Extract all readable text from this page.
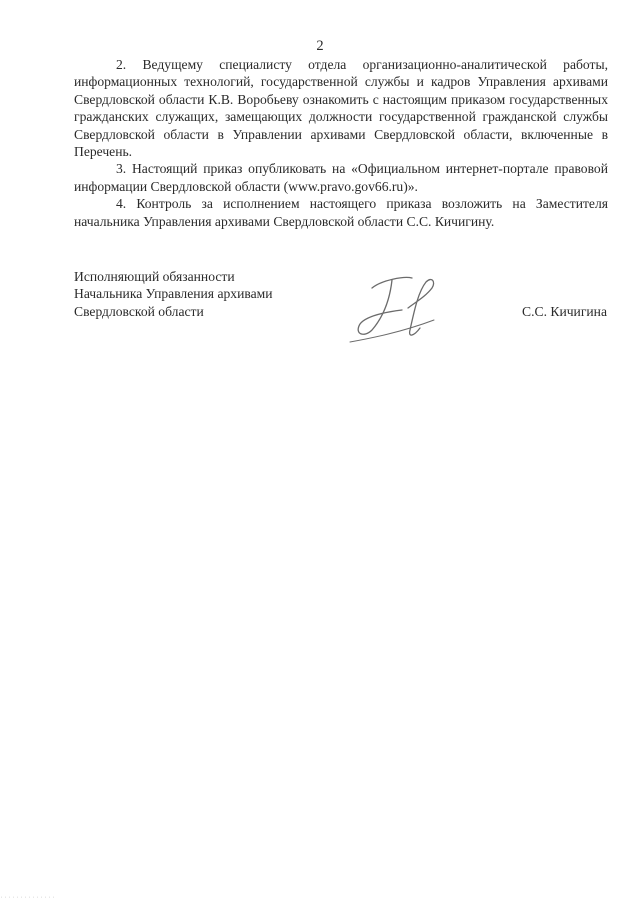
2

2. Ведущему специалисту отдела организационно-аналитической работы, информационных технологий, государственной службы и кадров Управления архивами Свердловской области К.В. Воробьеву ознакомить с настоящим приказом государственных гражданских служащих, замещающих должности государственной гражданской службы Свердловской области в Управлении архивами Свердловской области, включенные в Перечень.

3. Настоящий приказ опубликовать на «Официальном интернет-портале правовой информации Свердловской области (www.pravo.gov66.ru)».

4. Контроль за исполнением настоящего приказа возложить на Заместителя начальника Управления архивами Свердловской области С.С. Кичигину.

Исполняющий обязанности
Начальника Управления архивами
Свердловской области	С.С. Кичигина
··············
